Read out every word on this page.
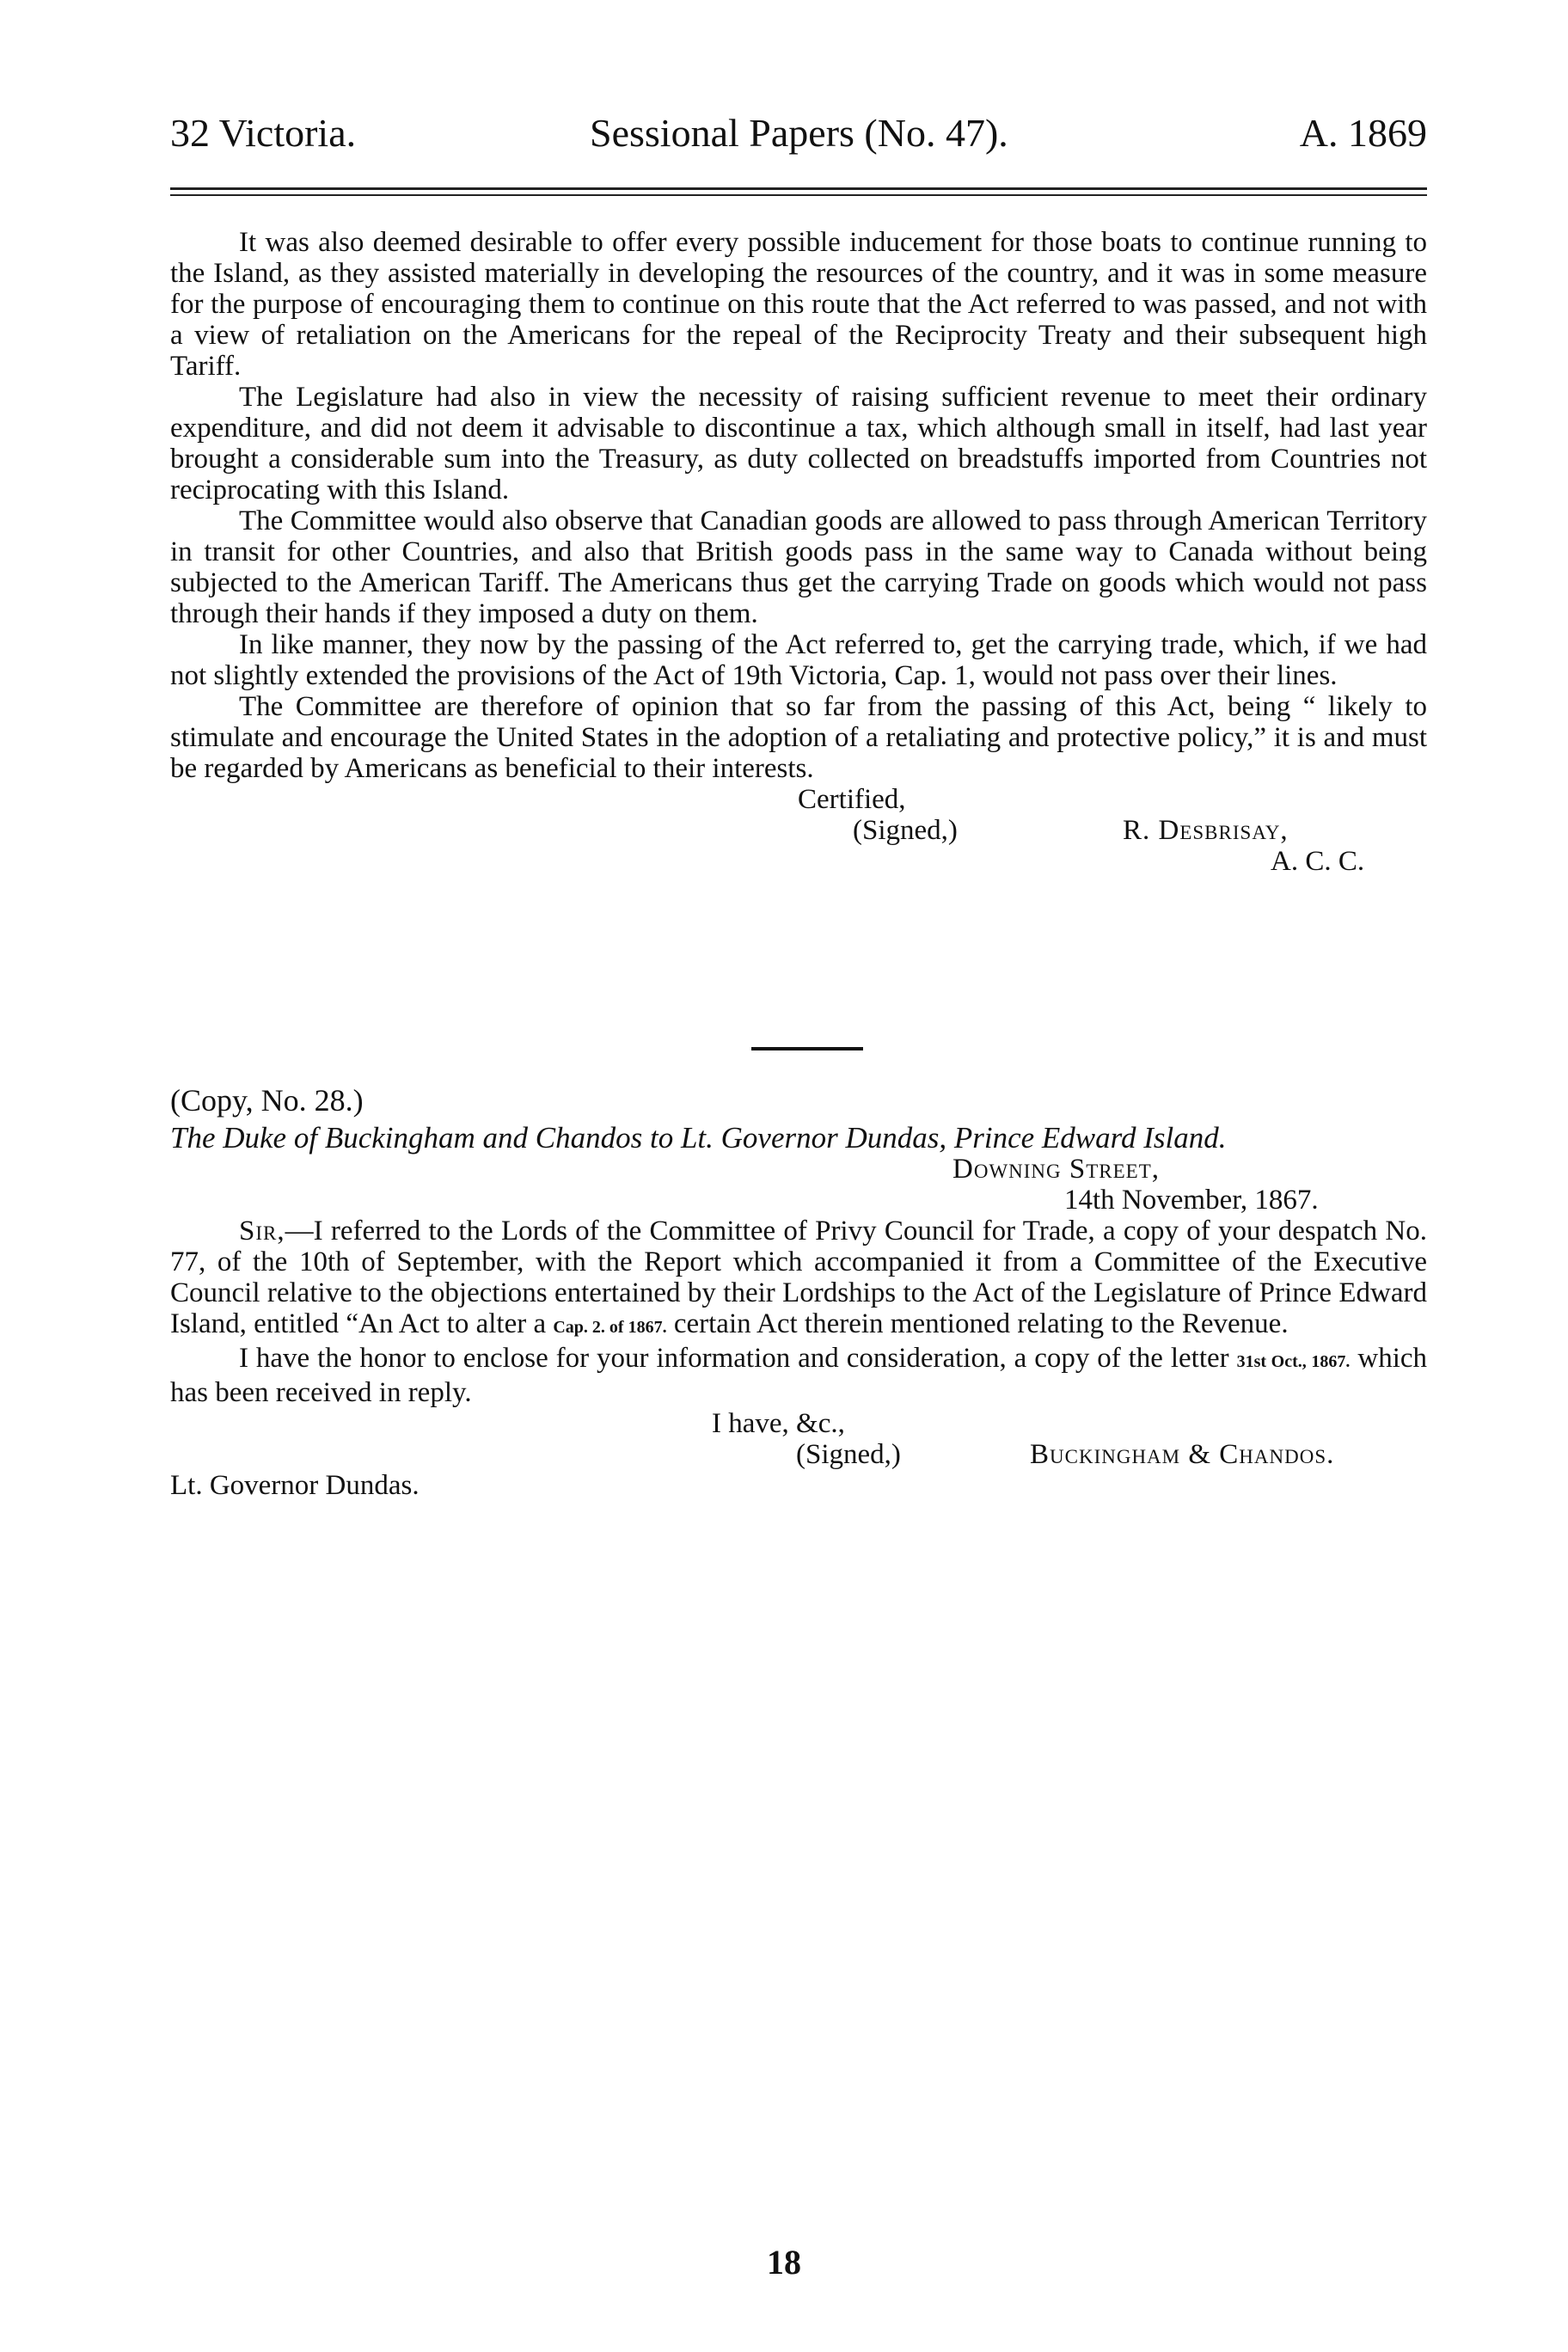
32 Victoria.	Sessional Papers (No. 47).	A. 1869

It was also deemed desirable to offer every possible inducement for those boats to continue running to the Island, as they assisted materially in developing the resources of the country, and it was in some measure for the purpose of encouraging them to continue on this route that the Act referred to was passed, and not with a view of retaliation on the Americans for the repeal of the Reciprocity Treaty and their subsequent high Tariff.

The Legislature had also in view the necessity of raising sufficient revenue to meet their ordinary expenditure, and did not deem it advisable to discontinue a tax, which although small in itself, had last year brought a considerable sum into the Treasury, as duty collected on breadstuffs imported from Countries not reciprocating with this Island.

The Committee would also observe that Canadian goods are allowed to pass through American Territory in transit for other Countries, and also that British goods pass in the same way to Canada without being subjected to the American Tariff. The Americans thus get the carrying Trade on goods which would not pass through their hands if they imposed a duty on them.

In like manner, they now by the passing of the Act referred to, get the carrying trade, which, if we had not slightly extended the provisions of the Act of 19th Victoria, Cap. 1, would not pass over their lines.

The Committee are therefore of opinion that so far from the passing of this Act, being “ likely to stimulate and encourage the United States in the adoption of a retaliating and protective policy,” it is and must be regarded by Americans as beneficial to their interests.

Certified,
(Signed,)	R. Desbrisay,
A. C. C.

(Copy, No. 28.)

The Duke of Buckingham and Chandos to Lt. Governor Dundas, Prince Edward Island.

Downing Street,
14th November, 1867.

Sir,—I referred to the Lords of the Committee of Privy Council for Trade, a copy of your despatch No. 77, of the 10th of September, with the Report which accompanied it from a Committee of the Executive Council relative to the objections entertained by their Lordships to the Act of the Legislature of Prince Edward Island, entitled “An Act to alter a Cap. 2. of 1867. certain Act therein mentioned relating to the Revenue.

I have the honor to enclose for your information and consideration, a copy of the letter 31st Oct., 1867. which has been received in reply.

I have, &c.,
(Signed,)	Buckingham & Chandos.
Lt. Governor Dundas.
18
